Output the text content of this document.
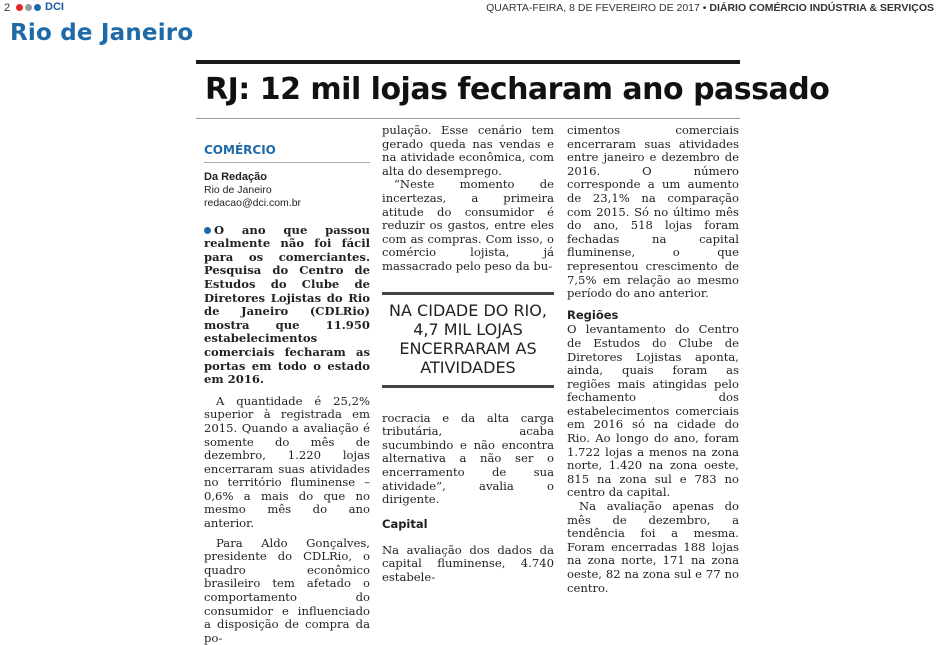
2	DCI	QUARTA-FEIRA, 8 DE FEVEREIRO DE 2017 • DIÁRIO COMÉRCIO INDÚSTRIA & SERVIÇOS
Rio de Janeiro
RJ: 12 mil lojas fecharam ano passado
COMÉRCIO
Da Redação
Rio de Janeiro
redacao@dci.com.br

O ano que passou realmente não foi fácil para os comerciantes. Pesquisa do Centro de Estudos do Clube de Diretores Lojistas do Rio de Janeiro (CDLRio) mostra que 11.950 estabelecimentos comerciais fecharam as portas em todo o estado em 2016.

A quantidade é 25,2% superior à registrada em 2015. Quando a avaliação é somente do mês de dezembro, 1.220 lojas encerraram suas atividades no território fluminense – 0,6% a mais do que no mesmo mês do ano anterior.

Para Aldo Gonçalves, presidente do CDLRio, o quadro econômico brasileiro tem afetado o comportamento do consumidor e influenciado a disposição de compra da po-

pulação. Esse cenário tem gerado queda nas vendas e na atividade econômica, com alta do desemprego.

“Neste momento de incertezas, a primeira atitude do consumidor é reduzir os gastos, entre eles com as compras. Com isso, o comércio lojista, já massacrado pelo peso da bu-

NA CIDADE DO RIO, 4,7 MIL LOJAS ENCERRARAM AS ATIVIDADES

rocracia e da alta carga tributária, acaba sucumbindo e não encontra alternativa a não ser o encerramento de sua atividade”, avalia o dirigente.

Capital

Na avaliação dos dados da capital fluminense, 4.740 estabele-

cimentos comerciais encerraram suas atividades entre janeiro e dezembro de 2016. O número corresponde a um aumento de 23,1% na comparação com 2015. Só no último mês do ano, 518 lojas foram fechadas na capital fluminense, o que representou crescimento de 7,5% em relação ao mesmo período do ano anterior.

Regiões

O levantamento do Centro de Estudos do Clube de Diretores Lojistas aponta, ainda, quais foram as regiões mais atingidas pelo fechamento dos estabelecimentos comerciais em 2016 só na cidade do Rio. Ao longo do ano, foram 1.722 lojas a menos na zona norte, 1.420 na zona oeste, 815 na zona sul e 783 no centro da capital.

Na avaliação apenas do mês de dezembro, a tendência foi a mesma. Foram encerradas 188 lojas na zona norte, 171 na zona oeste, 82 na zona sul e 77 no centro.
